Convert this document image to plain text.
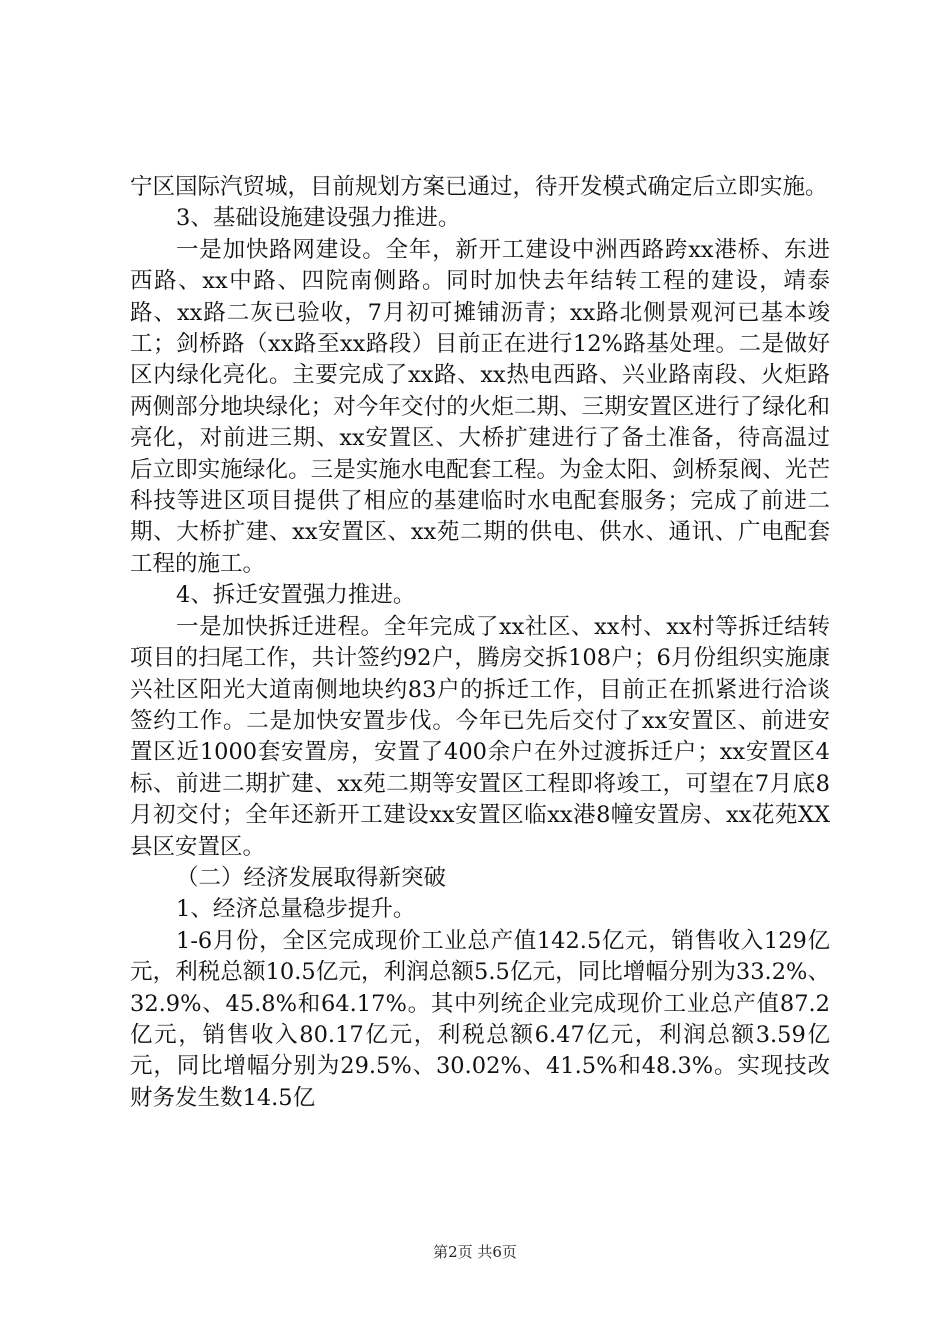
宁区国际汽贸城，目前规划方案已通过，待开发模式确定后立即实施。

3、基础设施建设强力推进。

一是加快路网建设。全年，新开工建设中洲西路跨xx港桥、东进西路、xx中路、四院南侧路。同时加快去年结转工程的建设，靖泰路、xx路二灰已验收，7月初可摊铺沥青；xx路北侧景观河已基本竣工；剑桥路（xx路至xx路段）目前正在进行12%路基处理。二是做好区内绿化亮化。主要完成了xx路、xx热电西路、兴业路南段、火炬路两侧部分地块绿化；对今年交付的火炬二期、三期安置区进行了绿化和亮化，对前进三期、xx安置区、大桥扩建进行了备土准备，待高温过后立即实施绿化。三是实施水电配套工程。为金太阳、剑桥泵阀、光芒科技等进区项目提供了相应的基建临时水电配套服务；完成了前进二期、大桥扩建、xx安置区、xx苑二期的供电、供水、通讯、广电配套工程的施工。

4、拆迁安置强力推进。

一是加快拆迁进程。全年完成了xx社区、xx村、xx村等拆迁结转项目的扫尾工作，共计签约92户，腾房交拆108户；6月份组织实施康兴社区阳光大道南侧地块约83户的拆迁工作，目前正在抓紧进行洽谈签约工作。二是加快安置步伐。今年已先后交付了xx安置区、前进安置区近1000套安置房，安置了400余户在外过渡拆迁户；xx安置区4标、前进二期扩建、xx苑二期等安置区工程即将竣工，可望在7月底8月初交付；全年还新开工建设xx安置区临xx港8幢安置房、xx花苑XX县区安置区。

（二）经济发展取得新突破

1、经济总量稳步提升。

1-6月份，全区完成现价工业总产值142.5亿元，销售收入129亿元，利税总额10.5亿元，利润总额5.5亿元，同比增幅分别为33.2%、32.9%、45.8%和64.17%。其中列统企业完成现价工业总产值87.2亿元，销售收入80.17亿元，利税总额6.47亿元，利润总额3.59亿元，同比增幅分别为29.5%、30.02%、41.5%和48.3%。实现技改财务发生数14.5亿

第2页 共6页
